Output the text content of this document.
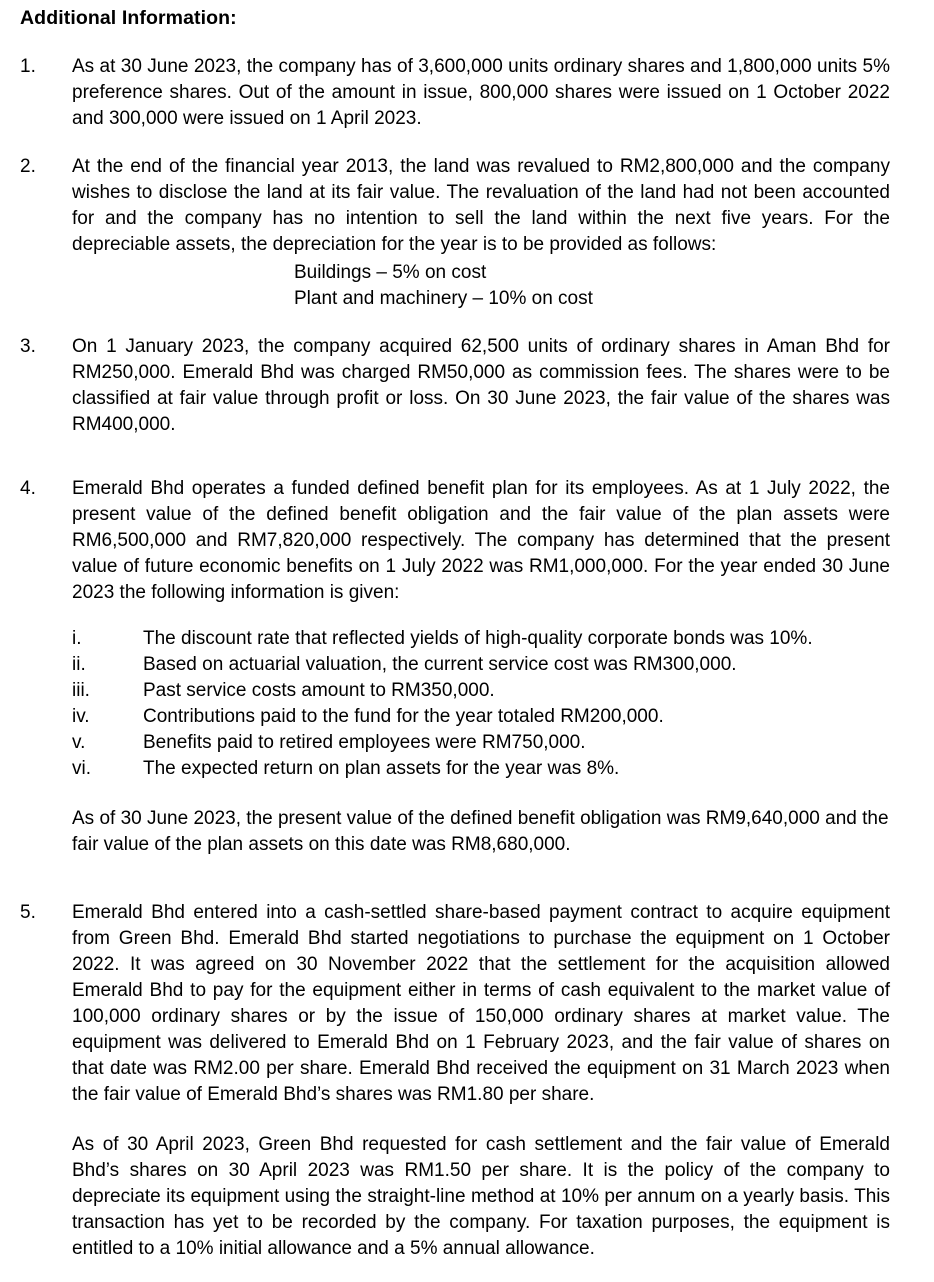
Additional Information:
1.	As at 30 June 2023, the company has of 3,600,000 units ordinary shares and 1,800,000 units 5% preference shares. Out of the amount in issue, 800,000 shares were issued on 1 October 2022 and 300,000 were issued on 1 April 2023.

2.	At the end of the financial year 2013, the land was revalued to RM2,800,000 and the company wishes to disclose the land at its fair value. The revaluation of the land had not been accounted for and the company has no intention to sell the land within the next five years. For the depreciable assets, the depreciation for the year is to be provided as follows:

Buildings – 5% on cost
Plant and machinery – 10% on cost
3.	On 1 January 2023, the company acquired 62,500 units of ordinary shares in Aman Bhd for RM250,000. Emerald Bhd was charged RM50,000 as commission fees. The shares were to be classified at fair value through profit or loss. On 30 June 2023, the fair value of the shares was RM400,000.

4.	Emerald Bhd operates a funded defined benefit plan for its employees. As at 1 July 2022, the present value of the defined benefit obligation and the fair value of the plan assets were RM6,500,000 and RM7,820,000 respectively. The company has determined that the present value of future economic benefits on 1 July 2022 was RM1,000,000. For the year ended 30 June 2023 the following information is given:

i.	The discount rate that reflected yields of high-quality corporate bonds was 10%.
ii.	Based on actuarial valuation, the current service cost was RM300,000.
iii.	Past service costs amount to RM350,000.
iv.	Contributions paid to the fund for the year totaled RM200,000.
v.	Benefits paid to retired employees were RM750,000.
vi.	The expected return on plan assets for the year was 8%.

As of 30 June 2023, the present value of the defined benefit obligation was RM9,640,000 and the fair value of the plan assets on this date was RM8,680,000.

5.	Emerald Bhd entered into a cash-settled share-based payment contract to acquire equipment from Green Bhd. Emerald Bhd started negotiations to purchase the equipment on 1 October 2022. It was agreed on 30 November 2022 that the settlement for the acquisition allowed Emerald Bhd to pay for the equipment either in terms of cash equivalent to the market value of 100,000 ordinary shares or by the issue of 150,000 ordinary shares at market value. The equipment was delivered to Emerald Bhd on 1 February 2023, and the fair value of shares on that date was RM2.00 per share. Emerald Bhd received the equipment on 31 March 2023 when the fair value of Emerald Bhd’s shares was RM1.80 per share.

As of 30 April 2023, Green Bhd requested for cash settlement and the fair value of Emerald Bhd’s shares on 30 April 2023 was RM1.50 per share. It is the policy of the company to depreciate its equipment using the straight-line method at 10% per annum on a yearly basis. This transaction has yet to be recorded by the company. For taxation purposes, the equipment is entitled to a 10% initial allowance and a 5% annual allowance.
